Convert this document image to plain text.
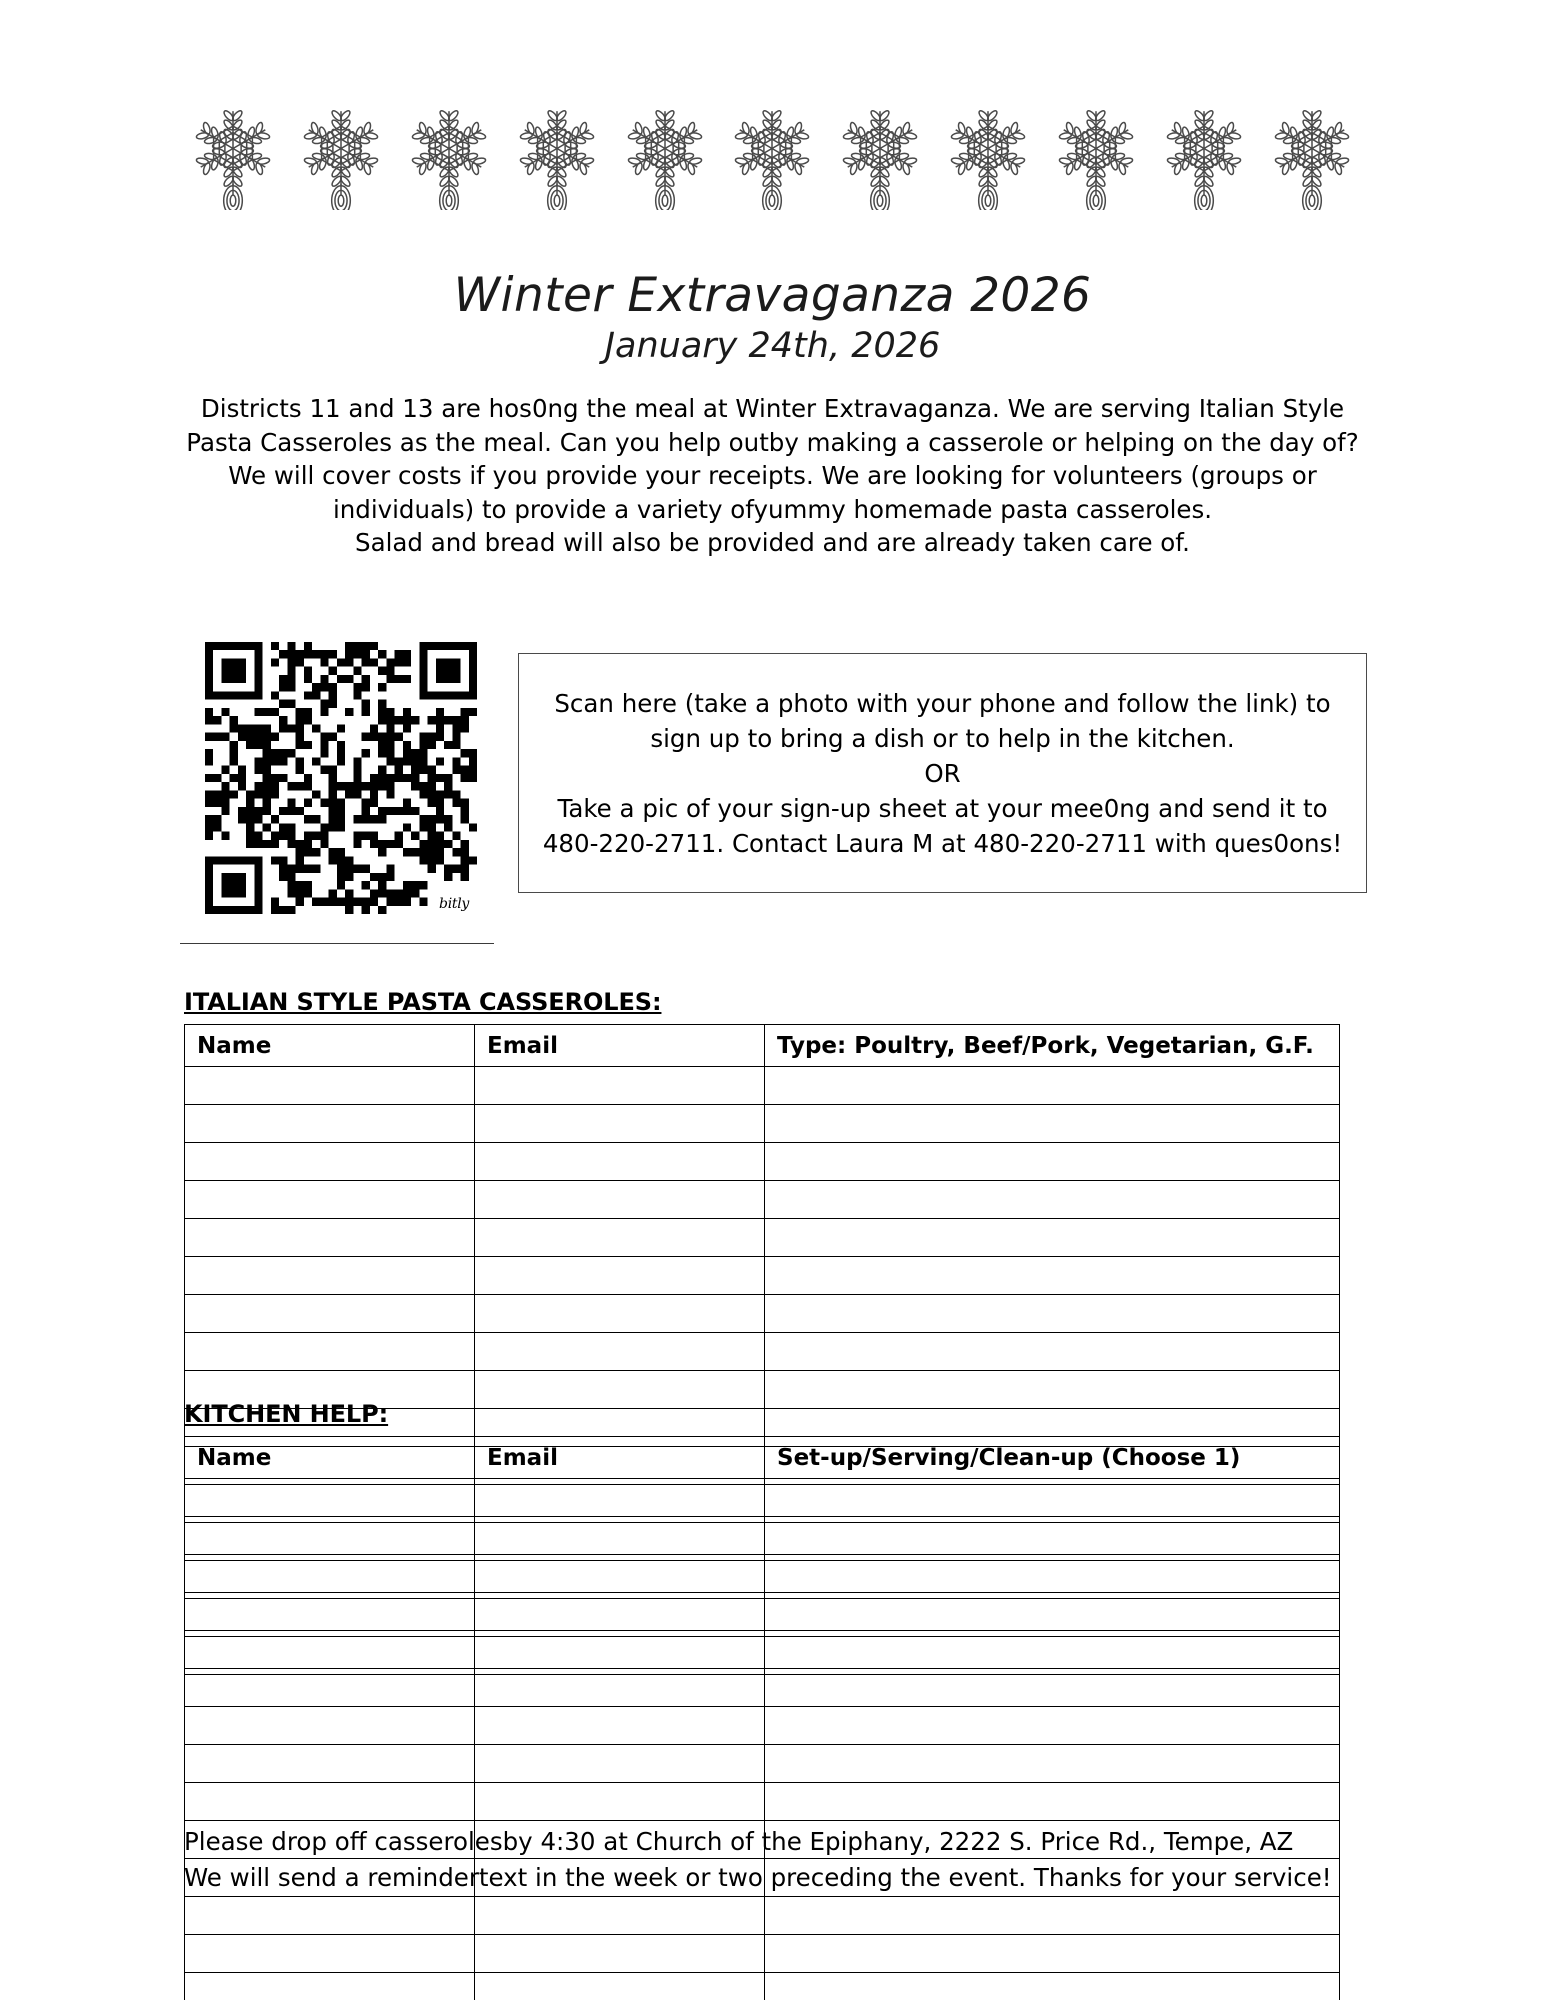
Winter Extravaganza 2026
January 24th, 2026
Districts 11 and 13 are hos0ng the meal at Winter Extravaganza. We are serving Italian Style
Pasta Casseroles as the meal. Can you help outby making a casserole or helping on the day of?
We will cover costs if you provide your receipts. We are looking for volunteers (groups or
individuals) to provide a variety ofyummy homemade pasta casseroles.
Salad and bread will also be provided and are already taken care of.
bitly
Scan here (take a photo with your phone and follow the link) to
sign up to bring a dish or to help in the kitchen.
OR
Take a pic of your sign-up sheet at your mee0ng and send it to
480-220-2711. Contact Laura M at 480-220-2711 with ques0ons!
ITALIAN STYLE PASTA CASSEROLES:
Name	Email	Type: Poultry, Beef/Pork, Vegetarian, G.F.

KITCHEN HELP:
Name	Email	Set-up/Serving/Clean-up (Choose 1)

Please drop off casserolesby 4:30 at Church of the Epiphany, 2222 S. Price Rd., Tempe, AZ
We will send a remindertext in the week or two preceding the event. Thanks for your service!
